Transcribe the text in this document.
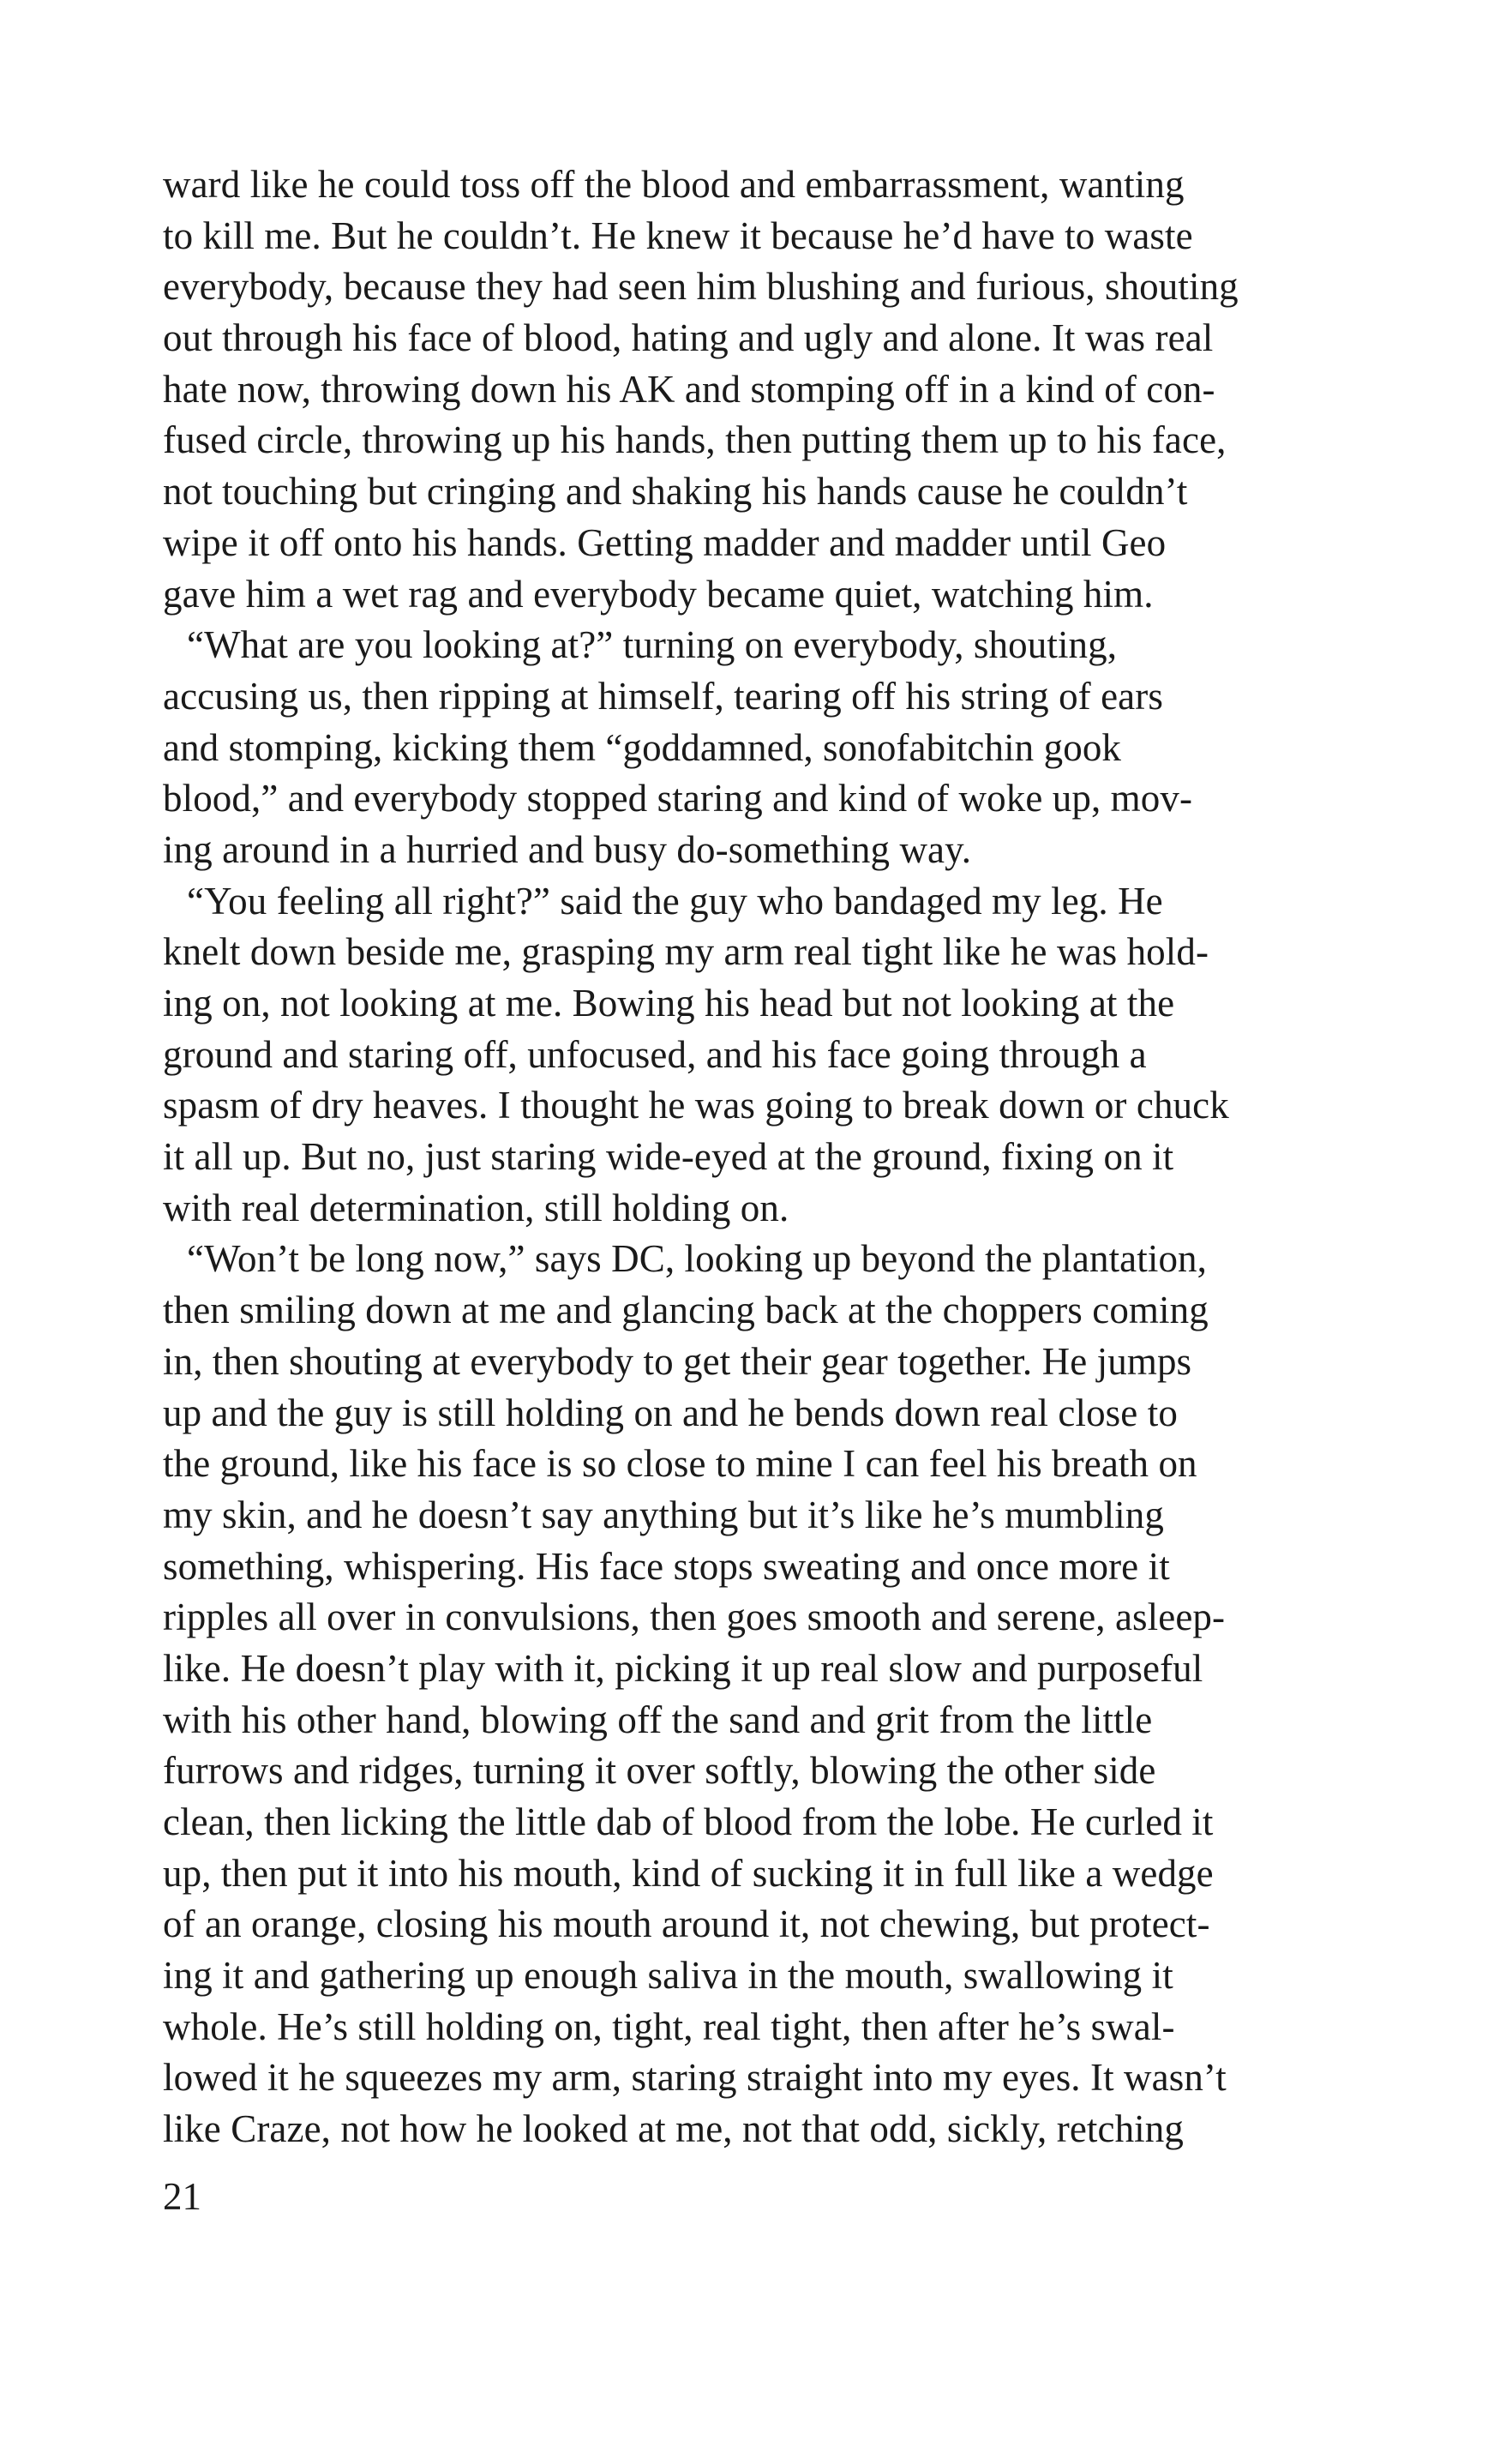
ward like he could toss off the blood and embarrassment, wanting
to kill me. But he couldn’t. He knew it because he’d have to waste
everybody, because they had seen him blushing and furious, shouting
out through his face of blood, hating and ugly and alone. It was real
hate now, throwing down his AK and stomping off in a kind of con-
fused circle, throwing up his hands, then putting them up to his face,
not touching but cringing and shaking his hands cause he couldn’t
wipe it off onto his hands. Getting madder and madder until Geo
gave him a wet rag and everybody became quiet, watching him.
“What are you looking at?” turning on everybody, shouting,
accusing us, then ripping at himself, tearing off his string of ears
and stomping, kicking them “goddamned, sonofabitchin gook
blood,” and everybody stopped staring and kind of woke up, mov-
ing around in a hurried and busy do-something way.
“You feeling all right?” said the guy who bandaged my leg. He
knelt down beside me, grasping my arm real tight like he was hold-
ing on, not looking at me. Bowing his head but not looking at the
ground and staring off, unfocused, and his face going through a
spasm of dry heaves. I thought he was going to break down or chuck
it all up. But no, just staring wide-eyed at the ground, fixing on it
with real determination, still holding on.
“Won’t be long now,” says DC, looking up beyond the plantation,
then smiling down at me and glancing back at the choppers coming
in, then shouting at everybody to get their gear together. He jumps
up and the guy is still holding on and he bends down real close to
the ground, like his face is so close to mine I can feel his breath on
my skin, and he doesn’t say anything but it’s like he’s mumbling
something, whispering. His face stops sweating and once more it
ripples all over in convulsions, then goes smooth and serene, asleep-
like. He doesn’t play with it, picking it up real slow and purposeful
with his other hand, blowing off the sand and grit from the little
furrows and ridges, turning it over softly, blowing the other side
clean, then licking the little dab of blood from the lobe. He curled it
up, then put it into his mouth, kind of sucking it in full like a wedge
of an orange, closing his mouth around it, not chewing, but protect-
ing it and gathering up enough saliva in the mouth, swallowing it
whole. He’s still holding on, tight, real tight, then after he’s swal-
lowed it he squeezes my arm, staring straight into my eyes. It wasn’t
like Craze, not how he looked at me, not that odd, sickly, retching
21
